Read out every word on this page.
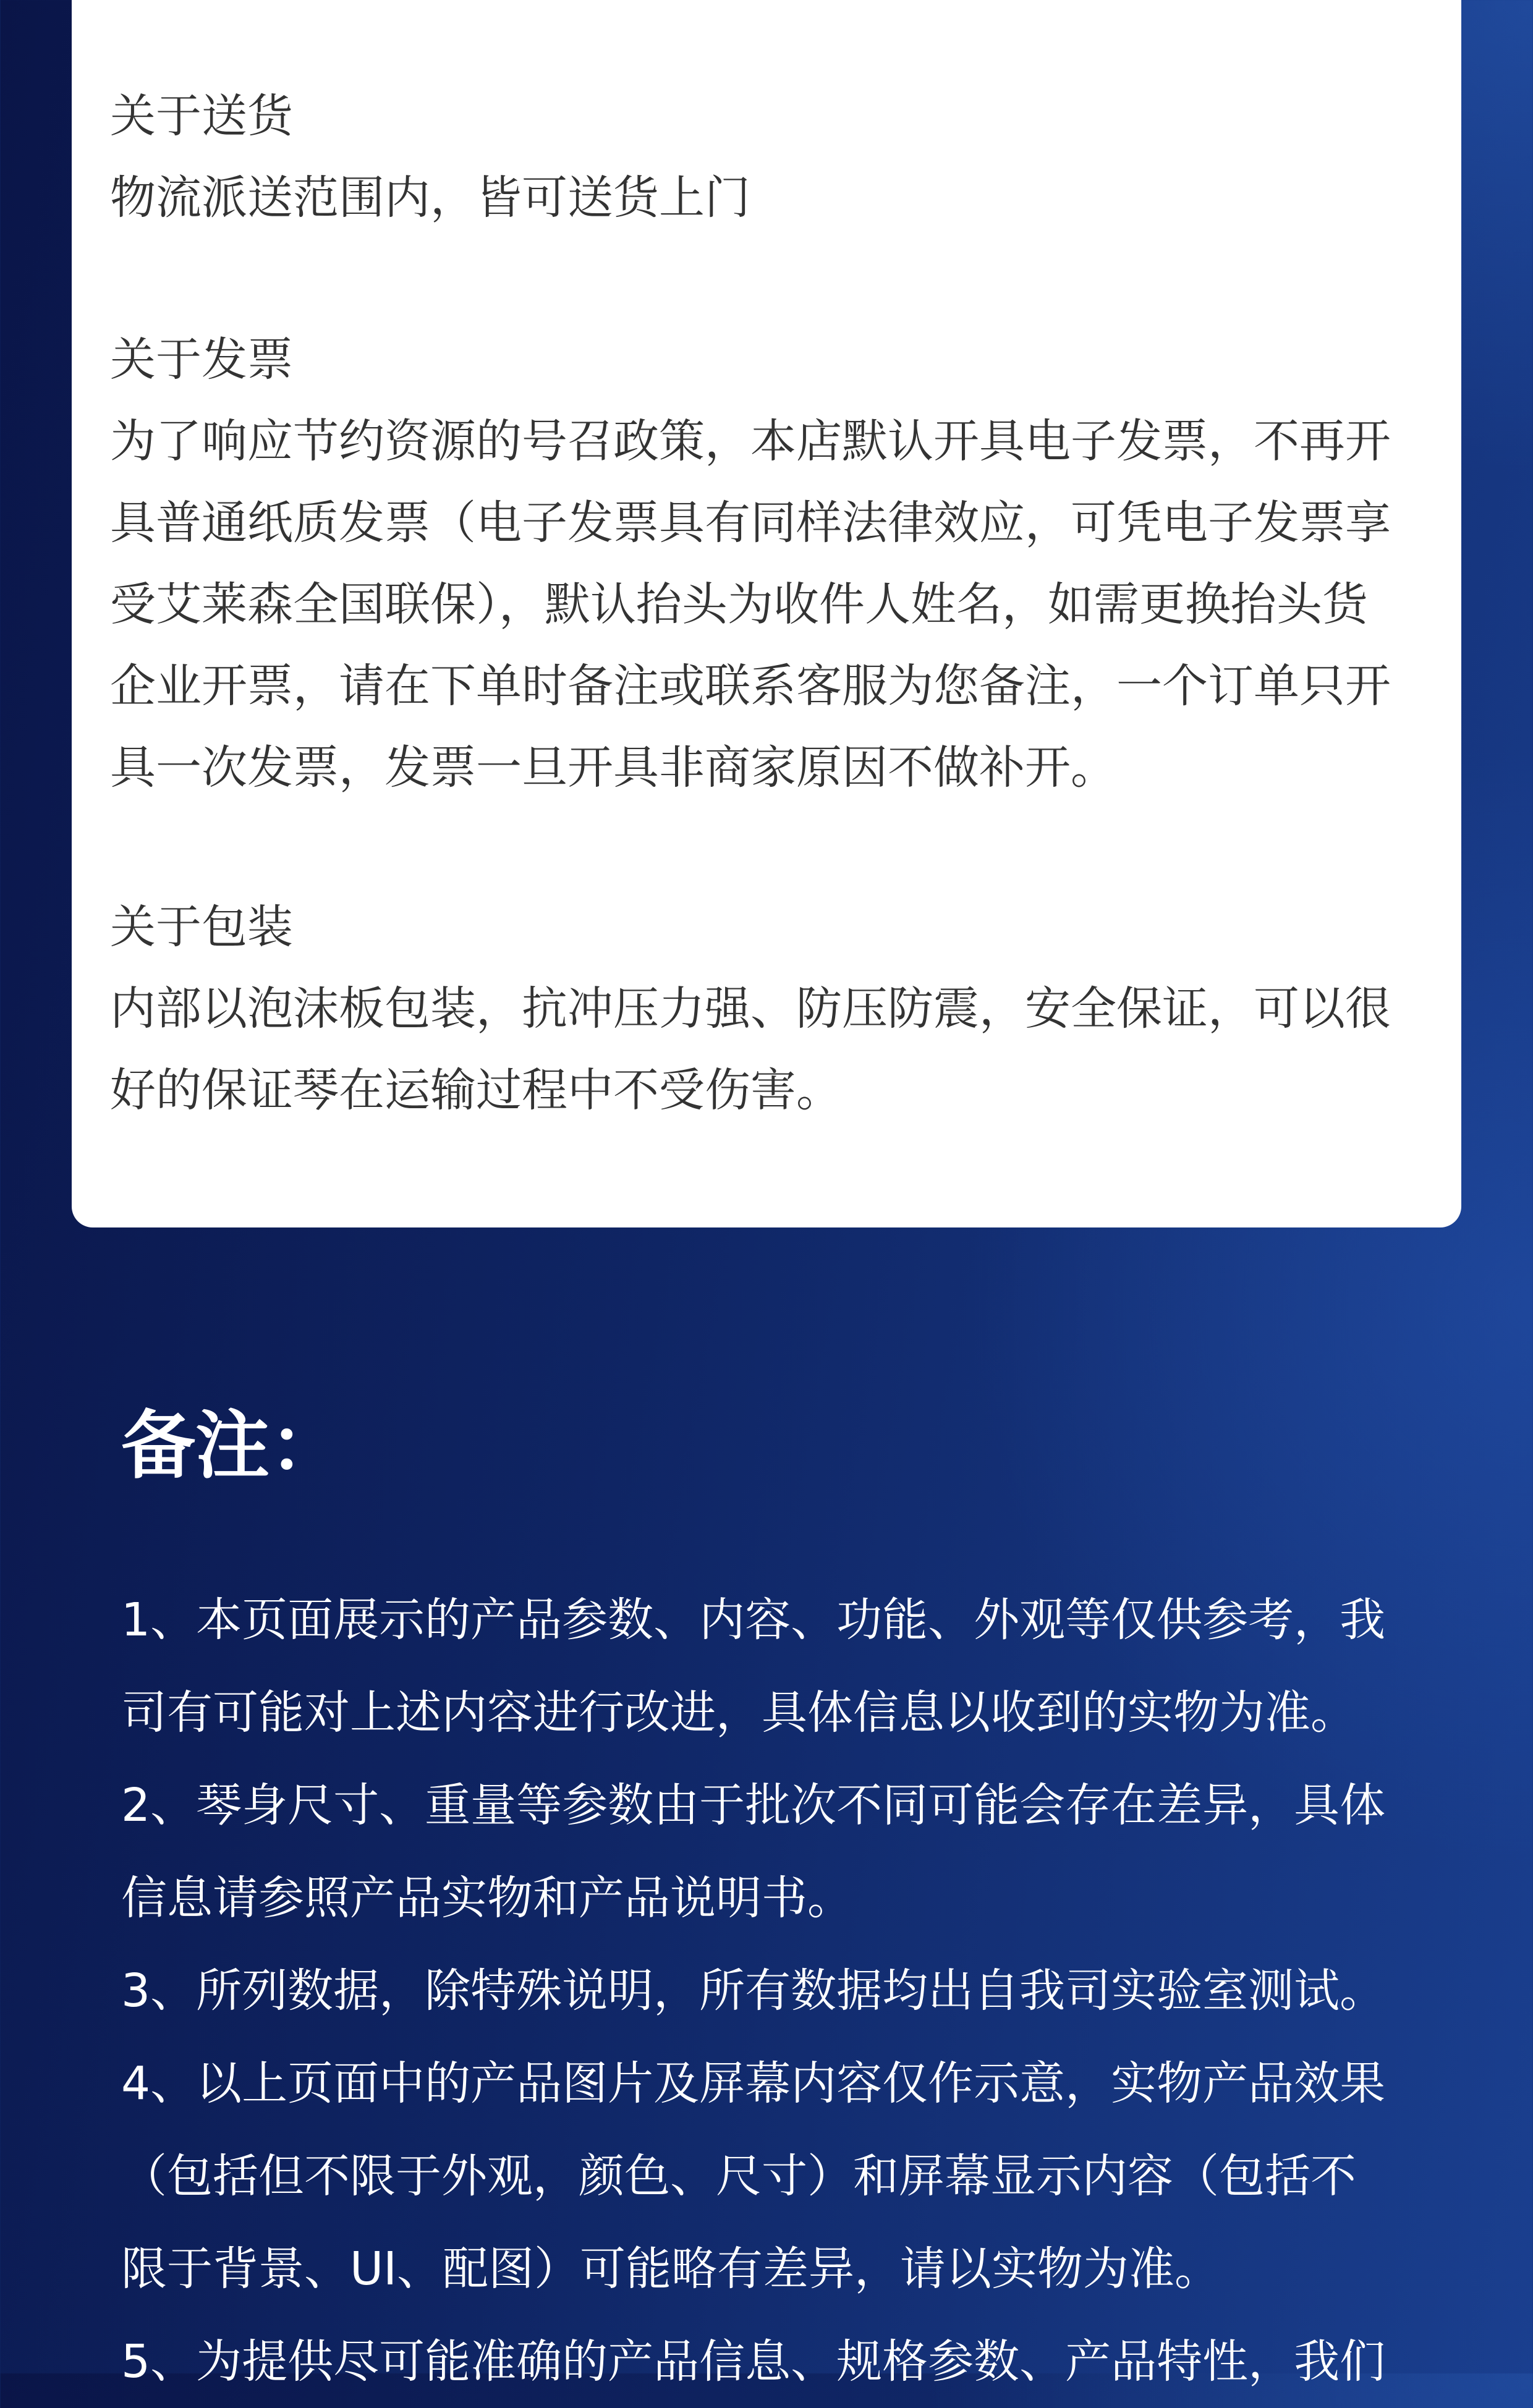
关于送货

物流派送范围内，皆可送货上门

关于发票

为了响应节约资源的号召政策，本店默认开具电子发票，不再开

具普通纸质发票（电子发票具有同样法律效应，可凭电子发票享

受艾莱森全国联保），默认抬头为收件人姓名，如需更换抬头货

企业开票，请在下单时备注或联系客服为您备注，一个订单只开

具一次发票，发票一旦开具非商家原因不做补开。

关于包装

内部以泡沫板包装，抗冲压力强、防压防震，安全保证，可以很

好的保证琴在运输过程中不受伤害。

备注：

1、本页面展示的产品参数、内容、功能、外观等仅供参考，我

司有可能对上述内容进行改进，具体信息以收到的实物为准。

2、琴身尺寸、重量等参数由于批次不同可能会存在差异，具体

信息请参照产品实物和产品说明书。

3、所列数据，除特殊说明，所有数据均出自我司实验室测试。

4、以上页面中的产品图片及屏幕内容仅作示意，实物产品效果

（包括但不限于外观，颜色、尺寸）和屏幕显示内容（包括不

限于背景、UI、配图）可能略有差异，请以实物为准。

5、为提供尽可能准确的产品信息、规格参数、产品特性，我们
